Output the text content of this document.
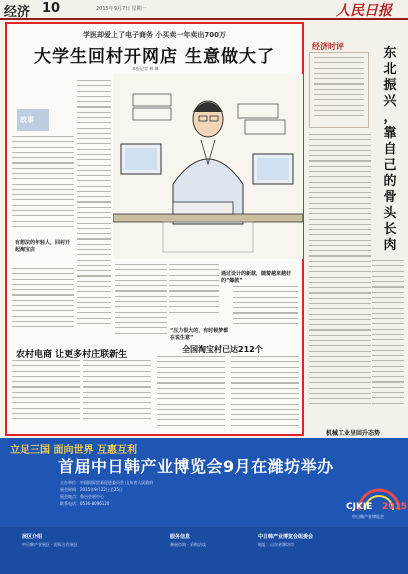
经济 10	2015年9月7日 星期一	人民日报
学医却爱上了电子商务 小买卖一年卖出700万
大学生回村开网店 生意做大了
本报记者 林 琳
故事
有想法的年轻人，回村开起淘宝店
通过设计的新款，随着越来越好的“爆款”
“压力很大的，有时候梦都在说生意”
农村电商 让更多村庄联新生
全国淘宝村已达212个
经济时评	东
北
振
兴
，
靠
自
己
的
骨
头
长
肉
机械工业呈回升态势
立足三国 面向世界 互惠互利
首届中日韩产业博览会9月在潍坊举办
CJKIE 2015
中日韩产业博览会
主办单位：中国国际贸易促进委员会 山东省人民政府
展会时间：2015年9月22日至25日
展会地点：鲁台会展中心
联系电话：0536-8096120
展区介绍
中日韩产业展区 · 国际合作展区
服务信息
参展咨询 · 采购洽谈
中日韩产业博览会组委会
地址：山东省潍坊市
